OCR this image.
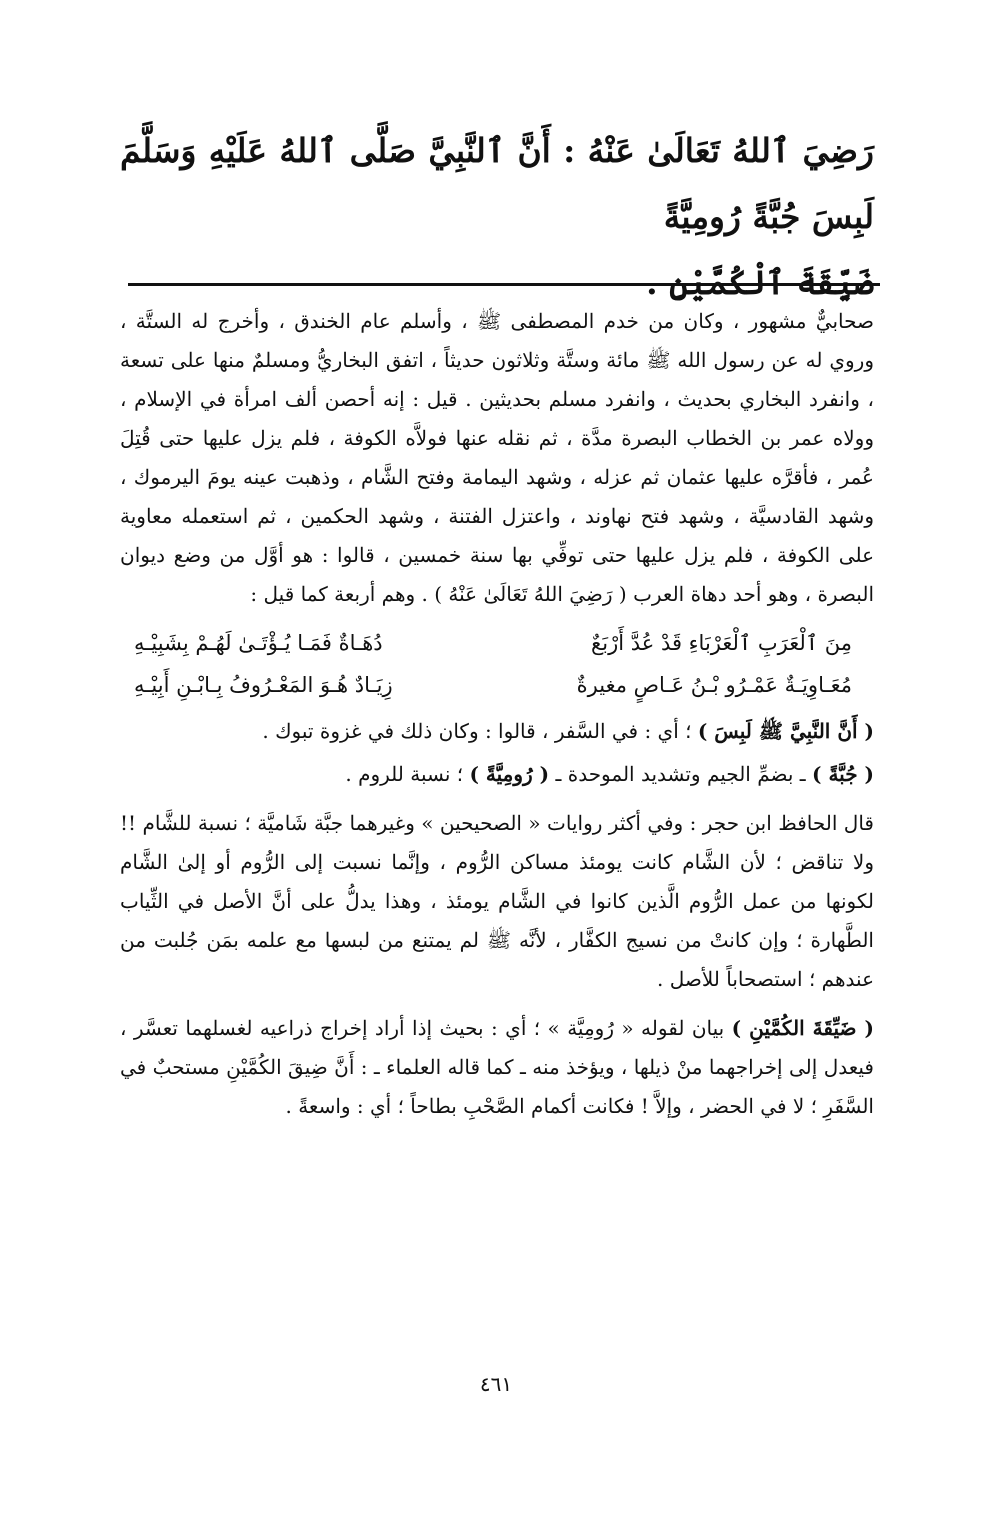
رَضِيَ ٱللهُ تَعَالَىٰ عَنْهُ : أَنَّ ٱلنَّبِيَّ صَلَّى ٱللهُ عَلَيْهِ وَسَلَّمَ لَبِسَ جُبَّةً رُومِيَّةً

ضَيِّقَةَ ٱلْكُمَّيْنِ .

صحابيٌّ مشهور ، وكان من خدم المصطفى ﷺ ، وأسلم عام الخندق ، وأخرج له الستَّة ، وروي له عن رسول الله ﷺ مائة وستَّة وثلاثون حديثاً ، اتفق البخاريُّ ومسلمٌ منها على تسعة ، وانفرد البخاري بحديث ، وانفرد مسلم بحديثين . قيل : إنه أحصن ألف امرأة في الإسلام ، وولاه عمر بن الخطاب البصرة مدَّة ، ثم نقله عنها فولاَّه الكوفة ، فلم يزل عليها حتى قُتِلَ عُمر ، فأقرَّه عليها عثمان ثم عزله ، وشهد اليمامة وفتح الشَّام ، وذهبت عينه يومَ اليرموك ، وشهد القادسيَّة ، وشهد فتح نهاوند ، واعتزل الفتنة ، وشهد الحكمين ، ثم استعمله معاوية على الكوفة ، فلم يزل عليها حتى توفِّي بها سنة خمسين ، قالوا : هو أوَّل من وضع ديوان البصرة ، وهو أحد دهاة العرب ( رَضِيَ اللهُ تَعَالَىٰ عَنْهُ ) . وهم أربعة كما قيل :

مِنَ ٱلْعَرَبِ ٱلْعَرْبَاءِ قَدْ عُدَّ أَرْبَعٌ
دُهَـاةٌ فَمَـا يُـؤْتَـىٰ لَهُـمْ بِشَبِيْـهِ
مُعَـاوِيَـةٌ عَمْـرُو بْـنُ عَـاصٍ مغيرةٌ
زِيَـادٌ هُـوَ المَعْـرُوفُ بِـابْـنِ أَبِيْـهِ

( أَنَّ النَّبِيَّ ﷺ لَبِسَ ) ؛ أي : في السَّفر ، قالوا : وكان ذلك في غزوة تبوك .

( جُبَّةً ) ـ بضمِّ الجيم وتشديد الموحدة ـ ( رُومِيَّةً ) ؛ نسبة للروم .

قال الحافظ ابن حجر : وفي أكثر روايات « الصحيحين » وغيرهما جبَّة شَاميَّة ؛ نسبة للشَّام !! ولا تناقض ؛ لأن الشَّام كانت يومئذ مساكن الرُّوم ، وإنَّما نسبت إلى الرُّوم أو إلىٰ الشَّام لكونها من عمل الرُّوم الَّذين كانوا في الشَّام يومئذ ، وهذا يدلُّ على أنَّ الأصل في الثِّياب الطَّهارة ؛ وإن كانتْ من نسيج الكفَّار ، لأنَّه ﷺ لم يمتنع من لبسها مع علمه بمَن جُلبت من عندهم ؛ استصحاباً للأصل .

( ضَيِّقَةَ الكُمَّيْنِ ) بيان لقوله « رُومِيَّة » ؛ أي : بحيث إذا أراد إخراج ذراعيه لغسلهما تعسَّر ، فيعدل إلى إخراجهما منْ ذيلها ، ويؤخذ منه ـ كما قاله العلماء ـ : أَنَّ ضِيقَ الكُمَّيْنِ مستحبٌ في السَّفَرِ ؛ لا في الحضر ، وإلاَّ ! فكانت أكمام الصَّحْبِ بطاحاً ؛ أي : واسعةً .

٤٦١
